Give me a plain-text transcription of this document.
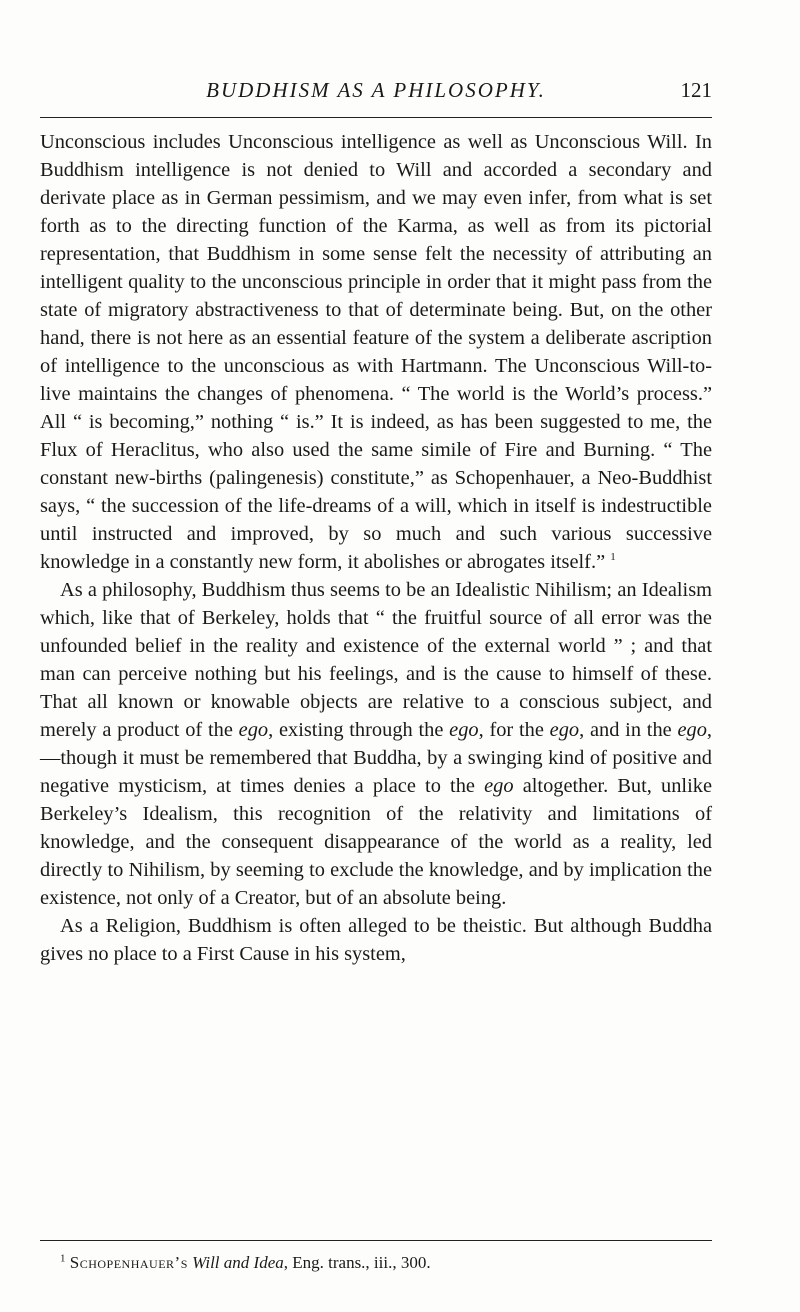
BUDDHISM AS A PHILOSOPHY.	121

Unconscious includes Unconscious intelligence as well as Unconscious Will. In Buddhism intelligence is not denied to Will and accorded a secondary and derivate place as in German pessimism, and we may even infer, from what is set forth as to the directing function of the Karma, as well as from its pictorial representation, that Buddhism in some sense felt the necessity of attributing an intelligent quality to the unconscious principle in order that it might pass from the state of migratory abstractiveness to that of determinate being. But, on the other hand, there is not here as an essential feature of the system a deliberate ascription of intelligence to the unconscious as with Hartmann. The Unconscious Will-to-live maintains the changes of phenomena. “ The world is the World’s process.” All “ is becoming,” nothing “ is.” It is indeed, as has been suggested to me, the Flux of Heraclitus, who also used the same simile of Fire and Burning. “ The constant new-births (palingenesis) constitute,” as Schopenhauer, a Neo-Buddhist says, “ the succession of the life-dreams of a will, which in itself is indestructible until instructed and improved, by so much and such various successive knowledge in a constantly new form, it abolishes or abrogates itself.” $^1$

As a philosophy, Buddhism thus seems to be an Idealistic Nihilism; an Idealism which, like that of Berkeley, holds that “ the fruitful source of all error was the unfounded belief in the reality and existence of the external world ” ; and that man can perceive nothing but his feelings, and is the cause to himself of these. That all known or knowable objects are relative to a conscious subject, and merely a product of the ego, existing through the ego, for the ego, and in the ego,—though it must be remembered that Buddha, by a swinging kind of positive and negative mysticism, at times denies a place to the ego altogether. But, unlike Berkeley’s Idealism, this recognition of the relativity and limitations of knowledge, and the consequent disappearance of the world as a reality, led directly to Nihilism, by seeming to exclude the knowledge, and by implication the existence, not only of a Creator, but of an absolute being.

As a Religion, Buddhism is often alleged to be theistic. But although Buddha gives no place to a First Cause in his system,

$^1$ Schopenhauer’s Will and Idea, Eng. trans., iii., 300.
